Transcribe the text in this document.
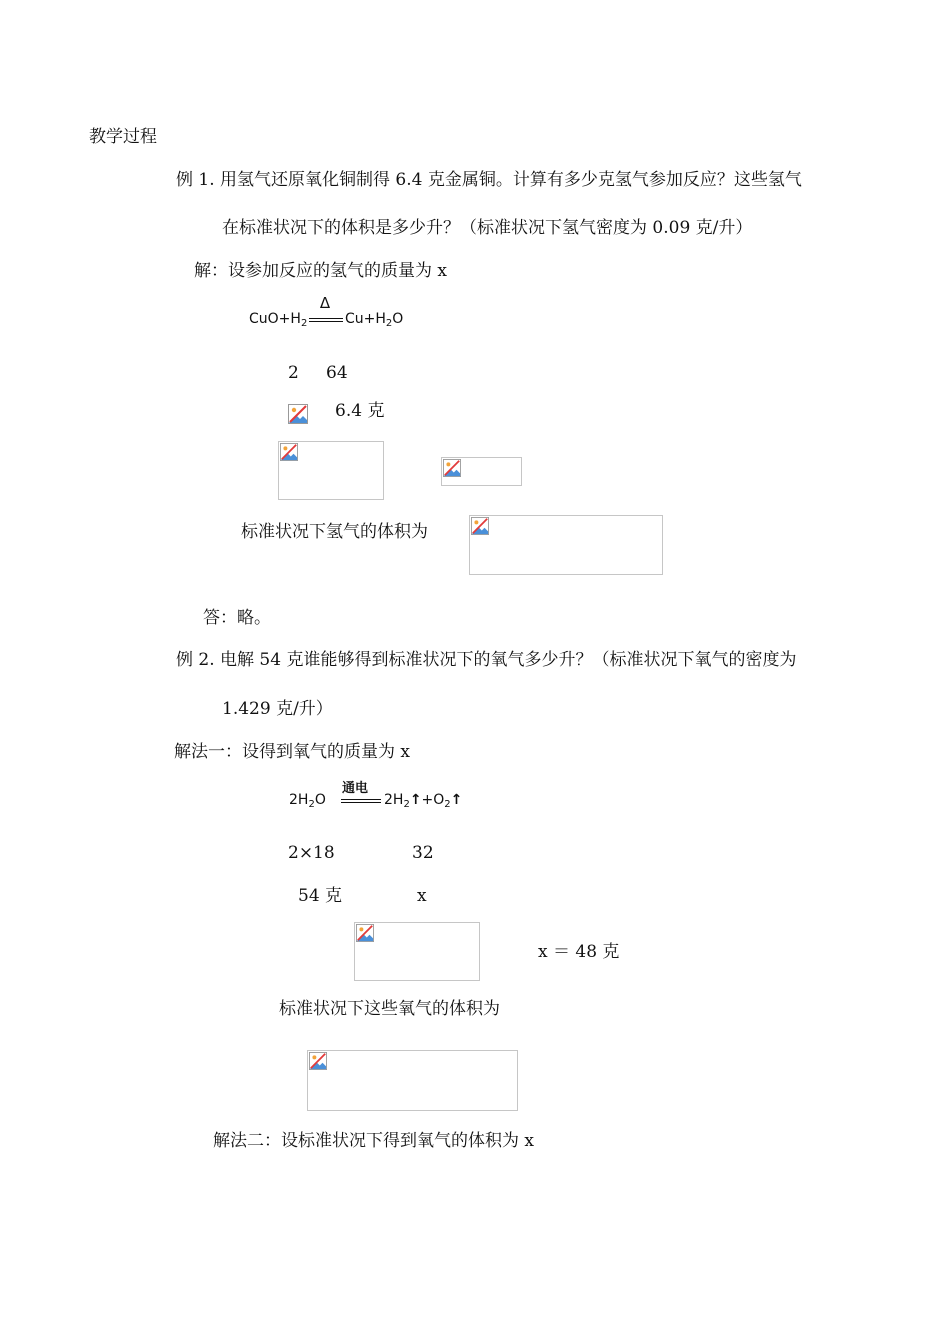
教学过程
例 1. 用氢气还原氧化铜制得 6.4 克金属铜。计算有多少克氢气参加反应？这些氢气
在标准状况下的体积是多少升？（标准状况下氢气密度为 0.09 克/升）
解：设参加反应的氢气的质量为 x
$CuO+H_2$
Δ
$Cu+H_2O$
2 64
6.4 克
标准状况下氢气的体积为
答：略。
例 2. 电解 54 克谁能够得到标准状况下的氧气多少升？（标准状况下氧气的密度为
1.429 克/升）
解法一：设得到氧气的质量为 x
$2H_2O$
通电
$2H_2↑+O_2↑$
2×18	32
54 克	x
x ＝ 48 克
标准状况下这些氧气的体积为
解法二：设标准状况下得到氧气的体积为 x
